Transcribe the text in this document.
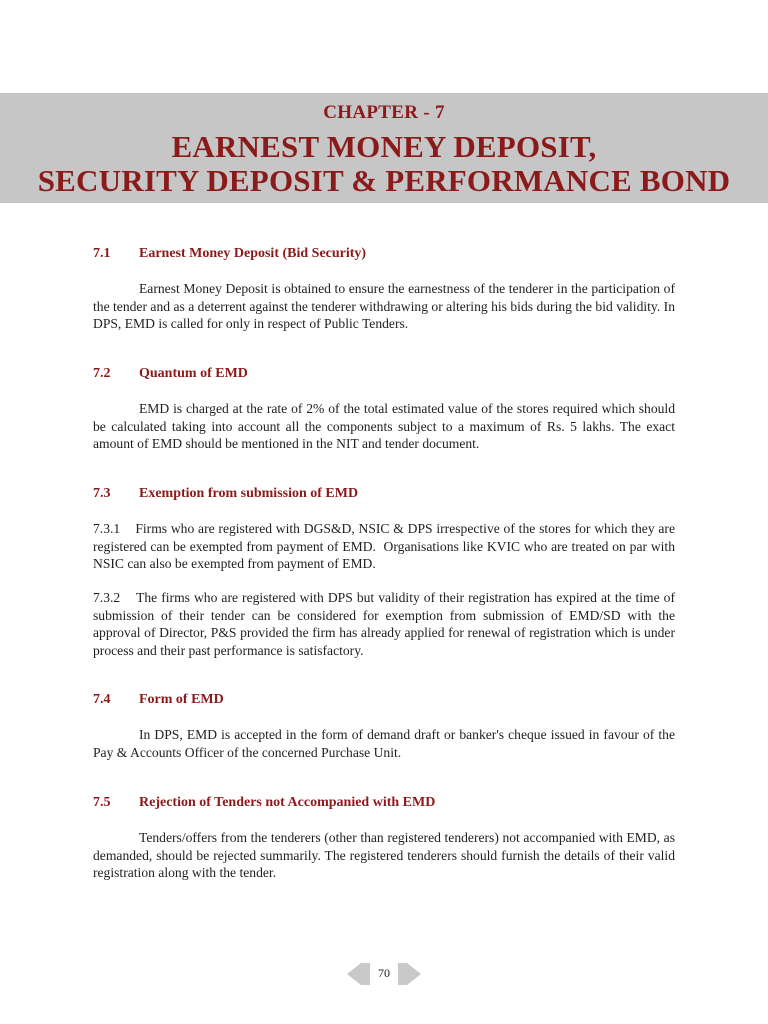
CHAPTER - 7
EARNEST MONEY DEPOSIT,
SECURITY DEPOSIT & PERFORMANCE BOND
7.1 Earnest Money Deposit (Bid Security)

Earnest Money Deposit is obtained to ensure the earnestness of the tenderer in the participation of the tender and as a deterrent against the tenderer withdrawing or altering his bids during the bid validity. In DPS, EMD is called for only in respect of Public Tenders.

7.2 Quantum of EMD

EMD is charged at the rate of 2% of the total estimated value of the stores required which should be calculated taking into account all the components subject to a maximum of Rs. 5 lakhs. The exact amount of EMD should be mentioned in the NIT and tender document.

7.3 Exemption from submission of EMD

7.3.1    Firms who are registered with DGS&D, NSIC & DPS irrespective of the stores for which they are registered can be exempted from payment of EMD.  Organisations like KVIC who are treated on par with NSIC can also be exempted from payment of EMD.

7.3.2    The firms who are registered with DPS but validity of their registration has expired at the time of submission of their tender can be considered for exemption from submission of EMD/SD with the approval of Director, P&S provided the firm has already applied for renewal of registration which is under process and their past performance is satisfactory.

7.4 Form of EMD

In DPS, EMD is accepted in the form of demand draft or banker's cheque issued in favour of the Pay & Accounts Officer of the concerned Purchase Unit.

7.5 Rejection of Tenders not Accompanied with EMD

Tenders/offers from the tenderers (other than registered tenderers) not accompanied with EMD, as demanded, should be rejected summarily. The registered tenderers should furnish the details of their valid registration along with the tender.

70
